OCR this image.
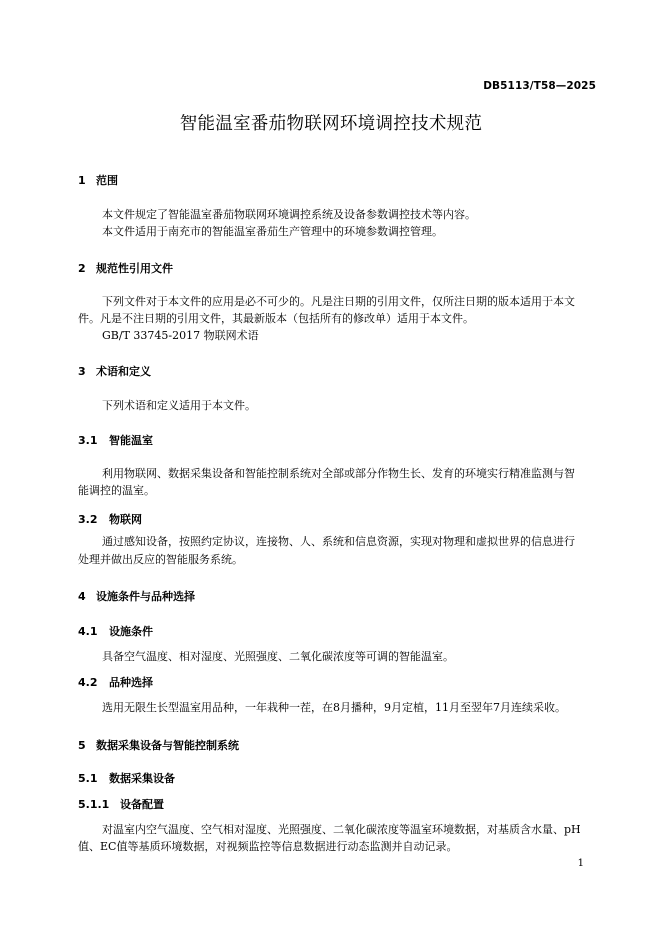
DB5113/T58—2025
智能温室番茄物联网环境调控技术规范
1 范围
本文件规定了智能温室番茄物联网环境调控系统及设备参数调控技术等内容。
本文件适用于南充市的智能温室番茄生产管理中的环境参数调控管理。
2 规范性引用文件
下列文件对于本文件的应用是必不可少的。凡是注日期的引用文件，仅所注日期的版本适用于本文
件。凡是不注日期的引用文件，其最新版本（包括所有的修改单）适用于本文件。
GB/T 33745-2017 物联网术语
3 术语和定义
下列术语和定义适用于本文件。
3.1 智能温室
利用物联网、数据采集设备和智能控制系统对全部或部分作物生长、发育的环境实行精准监测与智
能调控的温室。
3.2 物联网
通过感知设备，按照约定协议，连接物、人、系统和信息资源，实现对物理和虚拟世界的信息进行
处理并做出反应的智能服务系统。
4 设施条件与品种选择
4.1 设施条件
具备空气温度、相对湿度、光照强度、二氧化碳浓度等可调的智能温室。
4.2 品种选择
选用无限生长型温室用品种，一年栽种一茬，在8月播种，9月定植，11月至翌年7月连续采收。
5 数据采集设备与智能控制系统
5.1 数据采集设备
5.1.1 设备配置
对温室内空气温度、空气相对湿度、光照强度、二氧化碳浓度等温室环境数据，对基质含水量、pH
值、EC值等基质环境数据，对视频监控等信息数据进行动态监测并自动记录。
1
